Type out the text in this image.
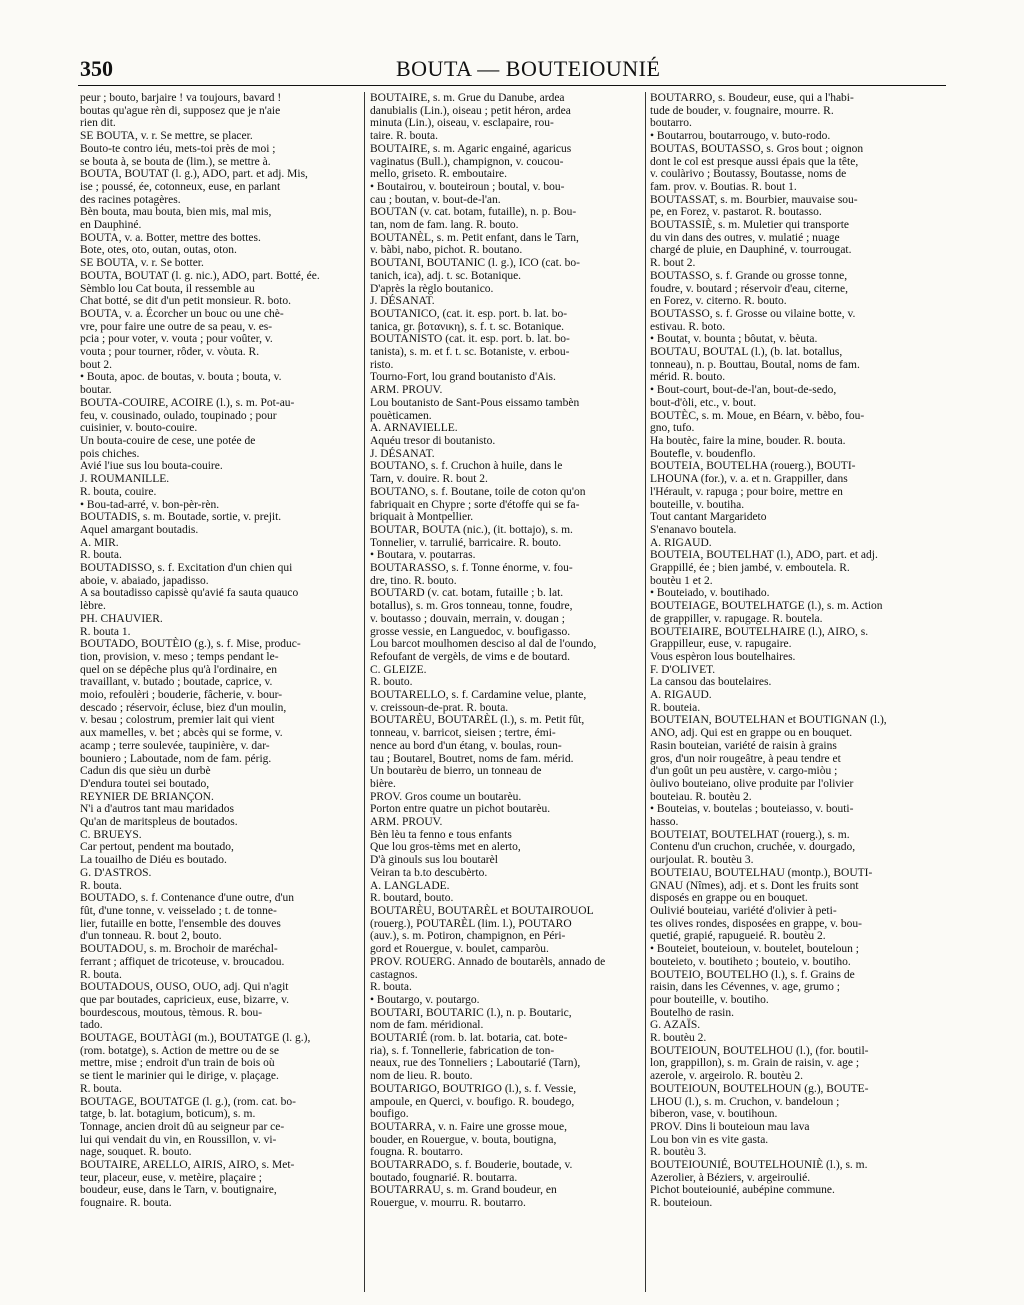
350	BOUTA — BOUTEIOUNIÉ
peur ; bouto, barjaire ! va toujours, bavard !
boutas qu'ague rèn di, supposez que je n'aie
rien dit.
SE BOUTA, v. r. Se mettre, se placer.
Bouto-te contro iéu, mets-toi près de moi ;
se bouta à, se bouta de (lim.), se mettre à.
BOUTA, BOUTAT (l. g.), ADO, part. et adj. Mis,
ise ; poussé, ée, cotonneux, euse, en parlant
des racines potagères.
Bèn bouta, mau bouta, bien mis, mal mis,
en Dauphiné.
BOUTA, v. a. Botter, mettre des bottes.
Bote, otes, oto, outan, outas, oton.
SE BOUTA, v. r. Se botter.
BOUTA, BOUTAT (l. g. nic.), ADO, part. Botté, ée.
Sèmblo lou Cat bouta, il ressemble au
Chat botté, se dit d'un petit monsieur. R. boto.
BOUTA, v. a. Écorcher un bouc ou une chè-
vre, pour faire une outre de sa peau, v. es-
pcia ; pour voter, v. vouta ; pour voûter, v.
vouta ; pour tourner, rôder, v. vòuta. R.
bout 2.
• Bouta, apoc. de boutas, v. bouta ; bouta, v.
boutar.
BOUTA-COUIRE, ACOIRE (l.), s. m. Pot-au-
feu, v. cousinado, oulado, toupinado ; pour
cuisinier, v. bouto-couire.
Un bouta-couire de cese, une potée de
pois chiches.
Avié l'iue sus lou bouta-couire.
J. ROUMANILLE.
R. bouta, couire.
• Bou-tad-arré, v. bon-pèr-rèn.
BOUTADIS, s. m. Boutade, sortie, v. prejit.
Aquel amargant boutadis.
A. MIR.
R. bouta.
BOUTADISSO, s. f. Excitation d'un chien qui
aboie, v. abaiado, japadisso.
A sa boutadisso capissè qu'avié fa sauta quauco
lèbre.
PH. CHAUVIER.
R. bouta 1.
BOUTADO, BOUTÈIO (g.), s. f. Mise, produc-
tion, provision, v. meso ; temps pendant le-
quel on se dépêche plus qu'à l'ordinaire, en
travaillant, v. butado ; boutade, caprice, v.
moio, refoulèri ; bouderie, fâcherie, v. bour-
descado ; réservoir, écluse, biez d'un moulin,
v. besau ; colostrum, premier lait qui vient
aux mamelles, v. bet ; abcès qui se forme, v.
acamp ; terre soulevée, taupinière, v. dar-
bouniero ; Laboutade, nom de fam. périg.
Cadun dis que sièu un durbè
D'endura toutei sei boutado,
REYNIER DE BRIANÇON.
N'i a d'autros tant mau maridados
Qu'an de maritspleus de boutados.
C. BRUEYS.
Car pertout, pendent ma boutado,
La touailho de Diéu es boutado.
G. D'ASTROS.
R. bouta.
BOUTADO, s. f. Contenance d'une outre, d'un
fût, d'une tonne, v. veisselado ; t. de tonne-
lier, futaille en botte, l'ensemble des douves
d'un tonneau. R. bout 2, bouto.
BOUTADOU, s. m. Brochoir de maréchal-
ferrant ; affiquet de tricoteuse, v. broucadou.
R. bouta.
BOUTADOUS, OUSO, OUO, adj. Qui n'agit
que par boutades, capricieux, euse, bizarre, v.
bourdescous, moutous, tèmous. R. bou-
tado.
BOUTAGE, BOUTÀGI (m.), BOUTATGE (l. g.),
(rom. botatge), s. Action de mettre ou de se
mettre, mise ; endroit d'un train de bois où
se tient le marinier qui le dirige, v. plaçage.
R. bouta.
BOUTAGE, BOUTATGE (l. g.), (rom. cat. bo-
tatge, b. lat. botagium, boticum), s. m.
Tonnage, ancien droit dû au seigneur par ce-
lui qui vendait du vin, en Roussillon, v. vi-
nage, souquet. R. bouto.
BOUTAIRE, ARELLO, AIRIS, AIRO, s. Met-
teur, placeur, euse, v. metèire, plaçaire ;
boudeur, euse, dans le Tarn, v. boutignaire,
fougnaire. R. bouta.
BOUTAIRE, s. m. Grue du Danube, ardea
danubialis (Lin.), oiseau ; petit héron, ardea
minuta (Lin.), oiseau, v. esclapaire, rou-
taire. R. bouta.
BOUTAIRE, s. m. Agaric engainé, agaricus
vaginatus (Bull.), champignon, v. coucou-
mello, griseto. R. emboutaire.
• Boutairou, v. bouteiroun ; boutal, v. bou-
cau ; boutan, v. bout-de-l'an.
BOUTAN (v. cat. botam, futaille), n. p. Bou-
tan, nom de fam. lang. R. bouto.
BOUTANÈL, s. m. Petit enfant, dans le Tarn,
v. bàbi, nabo, pichot. R. boutano.
BOUTANI, BOUTANIC (l. g.), ICO (cat. bo-
tanich, ica), adj. t. sc. Botanique.
D'après la règlo boutanico.
J. DÉSANAT.
BOUTANICO, (cat. it. esp. port. b. lat. bo-
tanica, gr. βοτανικη), s. f. t. sc. Botanique.
BOUTANISTO (cat. it. esp. port. b. lat. bo-
tanista), s. m. et f. t. sc. Botaniste, v. erbou-
risto.
Tourno-Fort, lou grand boutanisto d'Ais.
ARM. PROUV.
Lou boutanisto de Sant-Pous eissamo tambèn
pouèticamen.
A. ARNAVIELLE.
Aquéu tresor di boutanisto.
J. DÉSANAT.
BOUTANO, s. f. Cruchon à huile, dans le
Tarn, v. douire. R. bout 2.
BOUTANO, s. f. Boutane, toile de coton qu'on
fabriquait en Chypre ; sorte d'étoffe qui se fa-
briquait à Montpellier.
BOUTAR, BOUTA (nic.), (it. bottajo), s. m.
Tonnelier, v. tarrulié, barricaire. R. bouto.
• Boutara, v. poutarras.
BOUTARASSO, s. f. Tonne énorme, v. fou-
dre, tino. R. bouto.
BOUTARD (v. cat. botam, futaille ; b. lat.
botallus), s. m. Gros tonneau, tonne, foudre,
v. boutasso ; douvain, merrain, v. dougan ;
grosse vessie, en Languedoc, v. boufigasso.
Lou barcot moulhomen desciso al dal de l'oundo,
Refoufant de vergèls, de vims e de boutard.
C. GLEIZE.
R. bouto.
BOUTARELLO, s. f. Cardamine velue, plante,
v. creissoun-de-prat. R. bouta.
BOUTARÈU, BOUTARÈL (l.), s. m. Petit fût,
tonneau, v. barricot, sieisen ; tertre, émi-
nence au bord d'un étang, v. boulas, roun-
tau ; Boutarel, Boutret, noms de fam. mérid.
Un boutarèu de bierro, un tonneau de
bière.
PROV. Gros coume un boutarèu.
Porton entre quatre un pichot boutarèu.
ARM. PROUV.
Bèn lèu ta fenno e tous enfants
Que lou gros-tèms met en alerto,
D'à ginouls sus lou boutarèl
Veiran ta b.to descubèrto.
A. LANGLADE.
R. boutard, bouto.
BOUTARÈU, BOUTARÈL et BOUTAIROUOL
(rouerg.), POUTARÈL (lim. l.), POUTARO
(auv.), s. m. Potiron, champignon, en Péri-
gord et Rouergue, v. boulet, camparòu.
PROV. ROUERG. Annado de boutarèls, annado de
castagnos.
R. bouta.
• Boutargo, v. poutargo.
BOUTARI, BOUTARIC (l.), n. p. Boutaric,
nom de fam. méridional.
BOUTARIÉ (rom. b. lat. botaria, cat. bote-
ria), s. f. Tonnellerie, fabrication de ton-
neaux, rue des Tonneliers ; Laboutarié (Tarn),
nom de lieu. R. bouto.
BOUTARIGO, BOUTRIGO (l.), s. f. Vessie,
ampoule, en Querci, v. boufigo. R. boudego,
boufigo.
BOUTARRA, v. n. Faire une grosse moue,
bouder, en Rouergue, v. bouta, boutigna,
fougna. R. boutarro.
BOUTARRADO, s. f. Bouderie, boutade, v.
boutado, fougnarié. R. boutarra.
BOUTARRAU, s. m. Grand boudeur, en
Rouergue, v. mourru. R. boutarro.
BOUTARRO, s. Boudeur, euse, qui a l'habi-
tude de bouder, v. fougnaire, mourre. R.
boutarro.
• Boutarrou, boutarrougo, v. buto-rodo.
BOUTAS, BOUTASSO, s. Gros bout ; oignon
dont le col est presque aussi épais que la tête,
v. coulàrivo ; Boutassy, Boutasse, noms de
fam. prov. v. Boutias. R. bout 1.
BOUTASSAT, s. m. Bourbier, mauvaise sou-
pe, en Forez, v. pastarot. R. boutasso.
BOUTASSIÈ, s. m. Muletier qui transporte
du vin dans des outres, v. mulatié ; nuage
chargé de pluie, en Dauphiné, v. tourrougat.
R. bout 2.
BOUTASSO, s. f. Grande ou grosse tonne,
foudre, v. boutard ; réservoir d'eau, citerne,
en Forez, v. citerno. R. bouto.
BOUTASSO, s. f. Grosse ou vilaine botte, v.
estivau. R. boto.
• Boutat, v. bounta ; bôutat, v. bèuta.
BOUTAU, BOUTAL (l.), (b. lat. botallus,
tonneau), n. p. Bouttau, Boutal, noms de fam.
mérid. R. bouto.
• Bout-court, bout-de-l'an, bout-de-sedo,
bout-d'òli, etc., v. bout.
BOUTÈC, s. m. Moue, en Béarn, v. bèbo, fou-
gno, tufo.
Ha boutèc, faire la mine, bouder. R. bouta.
Boutefle, v. boudenflo.
BOUTEIA, BOUTELHA (rouerg.), BOUTI-
LHOUNA (for.), v. a. et n. Grappiller, dans
l'Hérault, v. rapuga ; pour boire, mettre en
bouteille, v. boutiha.
Tout cantant Margarideto
S'enanavo boutela.
A. RIGAUD.
BOUTEIA, BOUTELHAT (l.), ADO, part. et adj.
Grappillé, ée ; bien jambé, v. emboutela. R.
boutèu 1 et 2.
• Bouteiado, v. boutihado.
BOUTEIAGE, BOUTELHATGE (l.), s. m. Action
de grappiller, v. rapugage. R. boutela.
BOUTEIAIRE, BOUTELHAIRE (l.), AIRO, s.
Grappilleur, euse, v. rapugaire.
Vous espèron lous boutelhaires.
F. D'OLIVET.
La cansou das boutelaires.
A. RIGAUD.
R. bouteia.
BOUTEIAN, BOUTELHAN et BOUTIGNAN (l.),
ANO, adj. Qui est en grappe ou en bouquet.
Rasin bouteian, variété de raisin à grains
gros, d'un noir rougeâtre, à peau tendre et
d'un goût un peu austère, v. cargo-miòu ;
òulivo bouteiano, olive produite par l'olivier
bouteiau. R. boutèu 2.
• Bouteias, v. boutelas ; bouteiasso, v. bouti-
hasso.
BOUTEIAT, BOUTELHAT (rouerg.), s. m.
Contenu d'un cruchon, cruchée, v. dourgado,
ourjoulat. R. boutèu 3.
BOUTEIAU, BOUTELHAU (montp.), BOUTI-
GNAU (Nîmes), adj. et s. Dont les fruits sont
disposés en grappe ou en bouquet.
Oulivié bouteiau, variété d'olivier à peti-
tes olives rondes, disposées en grappe, v. bou-
quetié, grapié, rapugueié. R. boutèu 2.
• Bouteiet, bouteioun, v. boutelet, bouteloun ;
bouteieto, v. boutiheto ; bouteio, v. boutiho.
BOUTEIO, BOUTELHO (l.), s. f. Grains de
raisin, dans les Cévennes, v. age, grumo ;
pour bouteille, v. boutiho.
Boutelho de rasin.
G. AZAÏS.
R. boutèu 2.
BOUTEIOUN, BOUTELHOU (l.), (for. boutil-
lon, grappillon), s. m. Grain de raisin, v. age ;
azerole, v. argeirolo. R. boutèu 2.
BOUTEIOUN, BOUTELHOUN (g.), BOUTE-
LHOU (l.), s. m. Cruchon, v. bandeloun ;
biberon, vase, v. boutihoun.
PROV. Dins li bouteioun mau lava
Lou bon vin es vite gasta.
R. boutèu 3.
BOUTEIOUNIÉ, BOUTELHOUNIÈ (l.), s. m.
Azerolier, à Béziers, v. argeiroulié.
Pichot bouteiounié, aubépine commune.
R. bouteioun.
